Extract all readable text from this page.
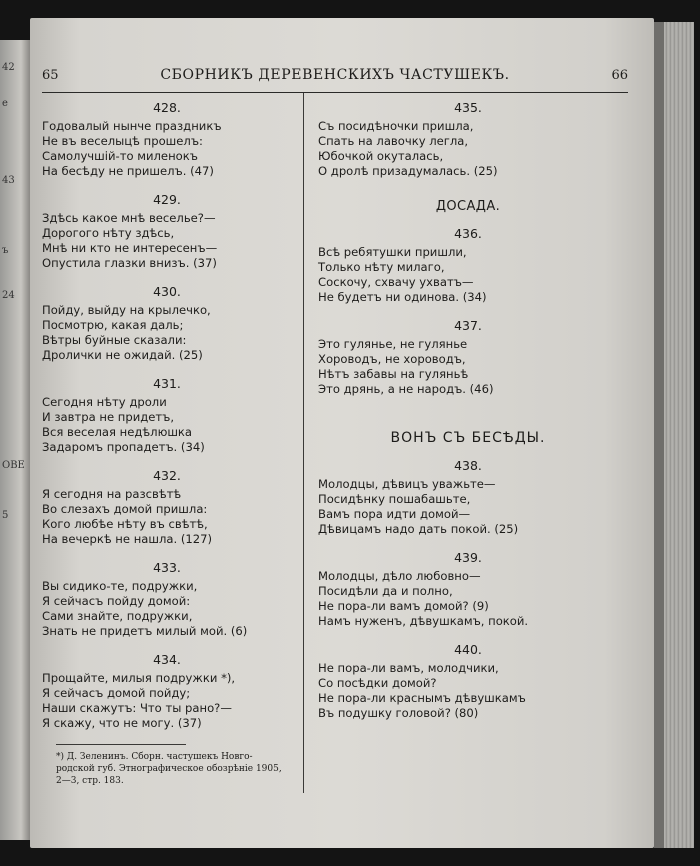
42
e
43
ъ
24
ОВЕ
5
65	СБОРНИКЪ ДЕРЕВЕНСКИХЪ ЧАСТУШЕКЪ.	66
428.
Годовалый нынче праздникъ
Не въ веселыцѣ прошелъ:
Самолучшій-то миленокъ
На бесѣду не пришелъ. (47)
429.
Здѣсь какое мнѣ веселье?—
Дорогого нѣту здѣсь,
Мнѣ ни кто не интересенъ—
Опустила глазки внизъ. (37)
430.
Пойду, выйду на крылечко,
Посмотрю, какая даль;
Вѣтры буйные сказали:
Дролички не ожидай. (25)
431.
Сегодня нѣту дроли
И завтра не придетъ,
Вся веселая недѣлюшка
Задаромъ пропадетъ. (34)
432.
Я сегодня на разсвѣтѣ
Во слезахъ домой пришла:
Кого любѣе нѣту въ свѣтѣ,
На вечеркѣ не нашла. (127)
433.
Вы сидико-те, подружки,
Я сейчасъ пойду домой:
Сами знайте, подружки,
Знать не придетъ милый мой. (6)
434.
Прощайте, милыя подружки *),
Я сейчасъ домой пойду;
Наши скажутъ: Что ты рано?—
Я скажу, что не могу. (37)
*) Д. Зеленинъ. Сборн. частушекъ Новго-
родской губ. Этнографическое обозрѣніе 1905,
2—3, стр. 183.
435.
Съ посидѣночки пришла,
Спать на лавочку легла,
Юбочкой окуталась,
О дролѣ призадумалась. (25)
ДОСАДА.
436.
Всѣ ребятушки пришли,
Только нѣту милаго,
Соскочу, схвачу ухватъ—
Не будетъ ни одинова. (34)
437.
Это гулянье, не гулянье
Хороводъ, не хороводъ,
Нѣтъ забавы на гуляньѣ
Это дрянь, а не народъ. (46)
ВОНЪ СЪ БЕСѢДЫ.
438.
Молодцы, дѣвицъ уважьте—
Посидѣнку пошабашьте,
Вамъ пора идти домой—
Дѣвицамъ надо дать покой. (25)
439.
Молодцы, дѣло любовно—
Посидѣли да и полно,
Не пора-ли вамъ домой? (9)
Намъ нуженъ, дѣвушкамъ, покой.
440.
Не пора-ли вамъ, молодчики,
Со посѣдки домой?
Не пора-ли краснымъ дѣвушкамъ
Въ подушку головой? (80)
